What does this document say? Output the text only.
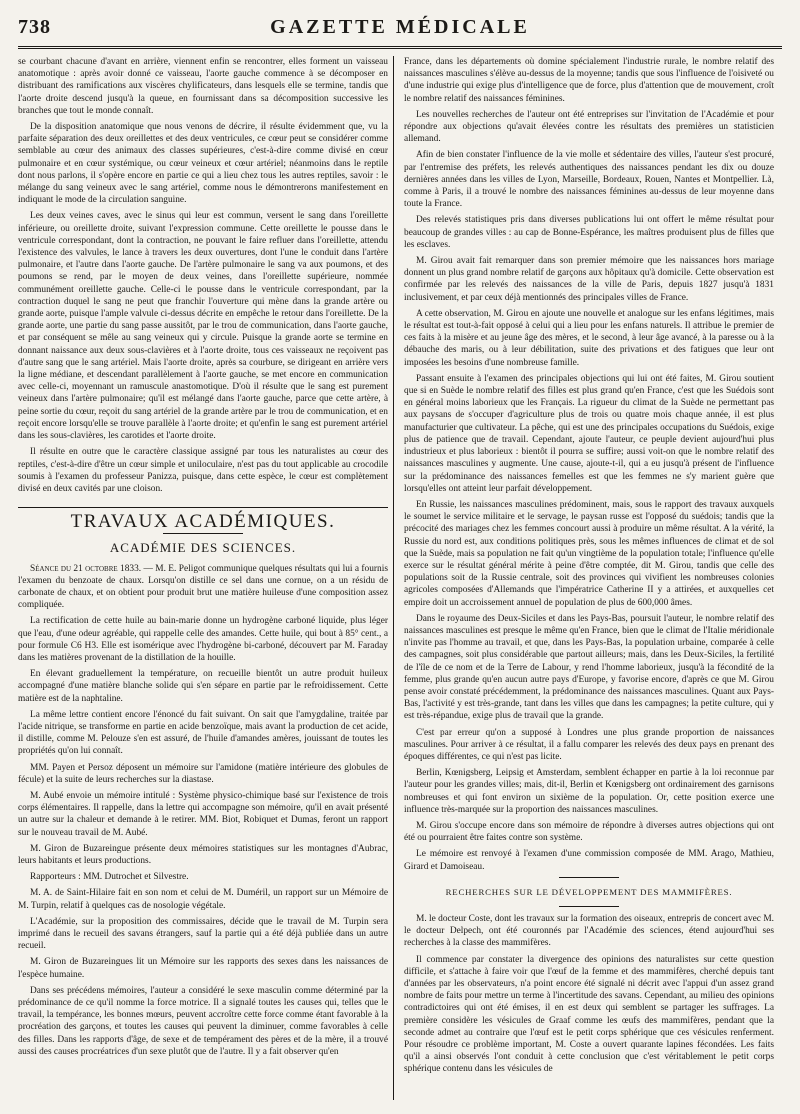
738	GAZETTE MÉDICALE

se courbant chacune d'avant en arrière, viennent enfin se rencontrer, elles forment un vaisseau anatomotique : après avoir donné ce vaisseau, l'aorte gauche commence à se décomposer en distribuant des ramifications aux viscères chylificateurs, dans lesquels elle se termine, tandis que l'aorte droite descend jusqu'à la queue, en fournissant dans sa décomposition successive les branches que tout le monde connaît.

De la disposition anatomique que nous venons de décrire, il résulte évidemment que, vu la parfaite séparation des deux oreillettes et des deux ventricules, ce cœur peut se considérer comme semblable au cœur des animaux des classes supérieures, c'est-à-dire comme divisé en cœur pulmonaire et en cœur systémique, ou cœur veineux et cœur artériel; néanmoins dans le reptile dont nous parlons, il s'opère encore en partie ce qui a lieu chez tous les autres reptiles, savoir : le mélange du sang veineux avec le sang artériel, comme nous le démontrerons manifestement en indiquant le mode de la circulation sanguine.

Les deux veines caves, avec le sinus qui leur est commun, versent le sang dans l'oreillette inférieure, ou oreillette droite, suivant l'expression commune. Cette oreillette le pousse dans le ventricule correspondant, dont la contraction, ne pouvant le faire refluer dans l'oreillette, attendu l'existence des valvules, le lance à travers les deux ouvertures, dont l'une le conduit dans l'artère pulmonaire, et l'autre dans l'aorte gauche. De l'artère pulmonaire le sang va aux poumons, et des poumons se rend, par le moyen de deux veines, dans l'oreillette supérieure, nommée communément oreillette gauche. Celle-ci le pousse dans le ventricule correspondant, par la contraction duquel le sang ne peut que franchir l'ouverture qui mène dans la grande artère ou grande aorte, puisque l'ample valvule ci-dessus décrite en empêche le retour dans l'oreillette. De la grande aorte, une partie du sang passe aussitôt, par le trou de communication, dans l'aorte gauche, et par conséquent se mêle au sang veineux qui y circule. Puisque la grande aorte se termine en donnant naissance aux deux sous-clavières et à l'aorte droite, tous ces vaisseaux ne reçoivent pas d'autre sang que le sang artériel. Mais l'aorte droite, après sa courbure, se dirigeant en arrière vers la ligne médiane, et descendant parallèlement à l'aorte gauche, se met encore en communication avec celle-ci, moyennant un ramuscule anastomotique. D'où il résulte que le sang est purement veineux dans l'artère pulmonaire; qu'il est mélangé dans l'aorte gauche, parce que cette artère, à peine sortie du cœur, reçoit du sang artériel de la grande artère par le trou de communication, et en reçoit encore lorsqu'elle se trouve parallèle à l'aorte droite; et qu'enfin le sang est purement artériel dans les sous-clavières, les carotides et l'aorte droite.

Il résulte en outre que le caractère classique assigné par tous les naturalistes au cœur des reptiles, c'est-à-dire d'être un cœur simple et uniloculaire, n'est pas du tout applicable au crocodile soumis à l'examen du professeur Panizza, puisque, dans cette espèce, le cœur est complètement divisé en deux cavités par une cloison.

TRAVAUX ACADÉMIQUES.
ACADÉMIE DES SCIENCES.

Séance du 21 octobre 1833. — M. E. Peligot communique quelques résultats qui lui a fournis l'examen du benzoate de chaux. Lorsqu'on distille ce sel dans une cornue, on a un résidu de carbonate de chaux, et on obtient pour produit brut une matière huileuse d'une composition assez compliquée.

La rectification de cette huile au bain-marie donne un hydrogène carboné liquide, plus léger que l'eau, d'une odeur agréable, qui rappelle celle des amandes. Cette huile, qui bout à 85° cent., a pour formule C6 H3. Elle est isomérique avec l'hydrogène bi-carboné, découvert par M. Faraday dans les matières provenant de la distillation de la houille.

En élevant graduellement la température, on recueille bientôt un autre produit huileux accompagné d'une matière blanche solide qui s'en sépare en partie par le refroidissement. Cette matière est de la naphtaline.

La même lettre contient encore l'énoncé du fait suivant. On sait que l'amygdaline, traitée par l'acide nitrique, se transforme en partie en acide benzoïque, mais avant la production de cet acide, il distille, comme M. Pelouze s'en est assuré, de l'huile d'amandes amères, jouissant de toutes les propriétés qu'on lui connaît.

MM. Payen et Persoz déposent un mémoire sur l'amidone (matière intérieure des globules de fécule) et la suite de leurs recherches sur la diastase.

M. Aubé envoie un mémoire intitulé : Système physico-chimique basé sur l'existence de trois corps élémentaires. Il rappelle, dans la lettre qui accompagne son mémoire, qu'il en avait présenté un autre sur la chaleur et demande à le retirer. MM. Biot, Robiquet et Dumas, feront un rapport sur le nouveau travail de M. Aubé.

M. Giron de Buzareingue présente deux mémoires statistiques sur les montagnes d'Aubrac, leurs habitants et leurs productions.

Rapporteurs : MM. Dutrochet et Silvestre.

M. A. de Saint-Hilaire fait en son nom et celui de M. Duméril, un rapport sur un Mémoire de M. Turpin, relatif à quelques cas de nosologie végétale.

L'Académie, sur la proposition des commissaires, décide que le travail de M. Turpin sera imprimé dans le recueil des savans étrangers, sauf la partie qui a été déjà publiée dans un autre recueil.

M. Giron de Buzareingues lit un Mémoire sur les rapports des sexes dans les naissances de l'espèce humaine.

Dans ses précédens mémoires, l'auteur a considéré le sexe masculin comme déterminé par la prédominance de ce qu'il nomme la force motrice. Il a signalé toutes les causes qui, telles que le travail, la tempérance, les bonnes mœurs, peuvent accroître cette force comme étant favorable à la procréation des garçons, et toutes les causes qui peuvent la diminuer, comme favorables à celle des filles. Dans les rapports d'âge, de sexe et de tempérament des pères et de la mère, il a trouvé aussi des causes procréatrices d'un sexe plutôt que de l'autre. Il y a fait observer qu'en

France, dans les départements où domine spécialement l'industrie rurale, le nombre relatif des naissances masculines s'élève au-dessus de la moyenne; tandis que sous l'influence de l'oisiveté ou d'une industrie qui exige plus d'intelligence que de force, plus d'attention que de mouvement, croît le nombre relatif des naissances féminines.

Les nouvelles recherches de l'auteur ont été entreprises sur l'invitation de l'Académie et pour répondre aux objections qu'avait élevées contre les résultats des premières un statisticien allemand.

Afin de bien constater l'influence de la vie molle et sédentaire des villes, l'auteur s'est procuré, par l'entremise des préfets, les relevés authentiques des naissances pendant les dix ou douze dernières années dans les villes de Lyon, Marseille, Bordeaux, Rouen, Nantes et Montpellier. Là, comme à Paris, il a trouvé le nombre des naissances féminines au-dessus de leur moyenne dans toute la France.

Des relevés statistiques pris dans diverses publications lui ont offert le même résultat pour beaucoup de grandes villes : au cap de Bonne-Espérance, les maîtres produisent plus de filles que les esclaves.

M. Girou avait fait remarquer dans son premier mémoire que les naissances hors mariage donnent un plus grand nombre relatif de garçons aux hôpitaux qu'à domicile. Cette observation est confirmée par les relevés des naissances de la ville de Paris, depuis 1827 jusqu'à 1831 inclusivement, et par ceux déjà mentionnés des principales villes de France.

A cette observation, M. Girou en ajoute une nouvelle et analogue sur les enfans légitimes, mais le résultat est tout-à-fait opposé à celui qui a lieu pour les enfans naturels. Il attribue le premier de ces faits à la misère et au jeune âge des mères, et le second, à leur âge avancé, à la paresse ou à la débauche des maris, ou à leur débilitation, suite des privations et des fatigues que leur ont imposées les besoins d'une nombreuse famille.

Passant ensuite à l'examen des principales objections qui lui ont été faites, M. Girou soutient que si en Suède le nombre relatif des filles est plus grand qu'en France, c'est que les Suédois sont en général moins laborieux que les Français. La rigueur du climat de la Suède ne permettant pas aux paysans de s'occuper d'agriculture plus de trois ou quatre mois chaque année, il est plus manufacturier que cultivateur. La pêche, qui est une des principales occupations du Suédois, exige plus de patience que de travail. Cependant, ajoute l'auteur, ce peuple devient aujourd'hui plus industrieux et plus laborieux : bientôt il pourra se suffire; aussi voit-on que le nombre relatif des naissances masculines y augmente. Une cause, ajoute-t-il, qui a eu jusqu'à présent de l'influence sur la prédominance des naissances femelles est que les femmes ne s'y marient guère que lorsqu'elles ont atteint leur parfait développement.

En Russie, les naissances masculines prédominent, mais, sous le rapport des travaux auxquels le soumet le service militaire et le servage, le paysan russe est l'opposé du suédois; tandis que la précocité des mariages chez les femmes concourt aussi à produire un même résultat. A la vérité, la Russie du nord est, aux conditions politiques près, sous les mêmes influences de climat et de sol que la Suède, mais sa population ne fait qu'un vingtième de la population totale; l'influence qu'elle exerce sur le résultat général mérite à peine d'être comptée, dit M. Girou, tandis que celle des populations soit de la Russie centrale, soit des provinces qui vivifient les nombreuses colonies agricoles composées d'Allemands que l'impératrice Catherine II y a attirées, et auxquelles cet empire doit un accroissement annuel de population de plus de 600,000 âmes.

Dans le royaume des Deux-Siciles et dans les Pays-Bas, poursuit l'auteur, le nombre relatif des naissances masculines est presque le même qu'en France, bien que le climat de l'Italie méridionale n'invite pas l'homme au travail, et que, dans les Pays-Bas, la population urbaine, comparée à celle des campagnes, soit plus considérable que partout ailleurs; mais, dans les Deux-Siciles, la fertilité de l'île de ce nom et de la Terre de Labour, y rend l'homme laborieux, jusqu'à la fécondité de la femme, plus grande qu'en aucun autre pays d'Europe, y favorise encore, d'après ce que M. Girou pense avoir constaté précédemment, la prédominance des naissances masculines. Quant aux Pays-Bas, l'activité y est très-grande, tant dans les villes que dans les campagnes; la petite culture, qui y est très-répandue, exige plus de travail que la grande.

C'est par erreur qu'on a supposé à Londres une plus grande proportion de naissances masculines. Pour arriver à ce résultat, il a fallu comparer les relevés des deux pays en prenant des époques différentes, ce qui n'est pas licite.

Berlin, Kœnigsberg, Leipsig et Amsterdam, semblent échapper en partie à la loi reconnue par l'auteur pour les grandes villes; mais, dit-il, Berlin et Kœnigsberg ont ordinairement des garnisons nombreuses et qui font environ un sixième de la population. Or, cette position exerce une influence très-marquée sur la proportion des naissances masculines.

M. Girou s'occupe encore dans son mémoire de répondre à diverses autres objections qui ont été ou pourraient être faites contre son système.

Le mémoire est renvoyé à l'examen d'une commission composée de MM. Arago, Mathieu, Girard et Damoiseau.

RECHERCHES SUR LE DÉVELOPPEMENT DES MAMMIFÈRES.

M. le docteur Coste, dont les travaux sur la formation des oiseaux, entrepris de concert avec M. le docteur Delpech, ont été couronnés par l'Académie des sciences, étend aujourd'hui ses recherches à la classe des mammifères.

Il commence par constater la divergence des opinions des naturalistes sur cette question difficile, et s'attache à faire voir que l'œuf de la femme et des mammifères, cherché depuis tant d'années par les observateurs, n'a point encore été signalé ni décrit avec l'appui d'un assez grand nombre de faits pour mettre un terme à l'incertitude des savans. Cependant, au milieu des opinions contradictoires qui ont été émises, il en est deux qui semblent se partager les suffrages. La première considère les vésicules de Graaf comme les œufs des mammifères, pendant que la seconde admet au contraire que l'œuf est le petit corps sphérique que ces vésicules renferment. Pour résoudre ce problème important, M. Coste a ouvert quarante lapines fécondées. Les faits qu'il a ainsi observés l'ont conduit à cette conclusion que c'est véritablement le petit corps sphérique contenu dans les vésicules de
